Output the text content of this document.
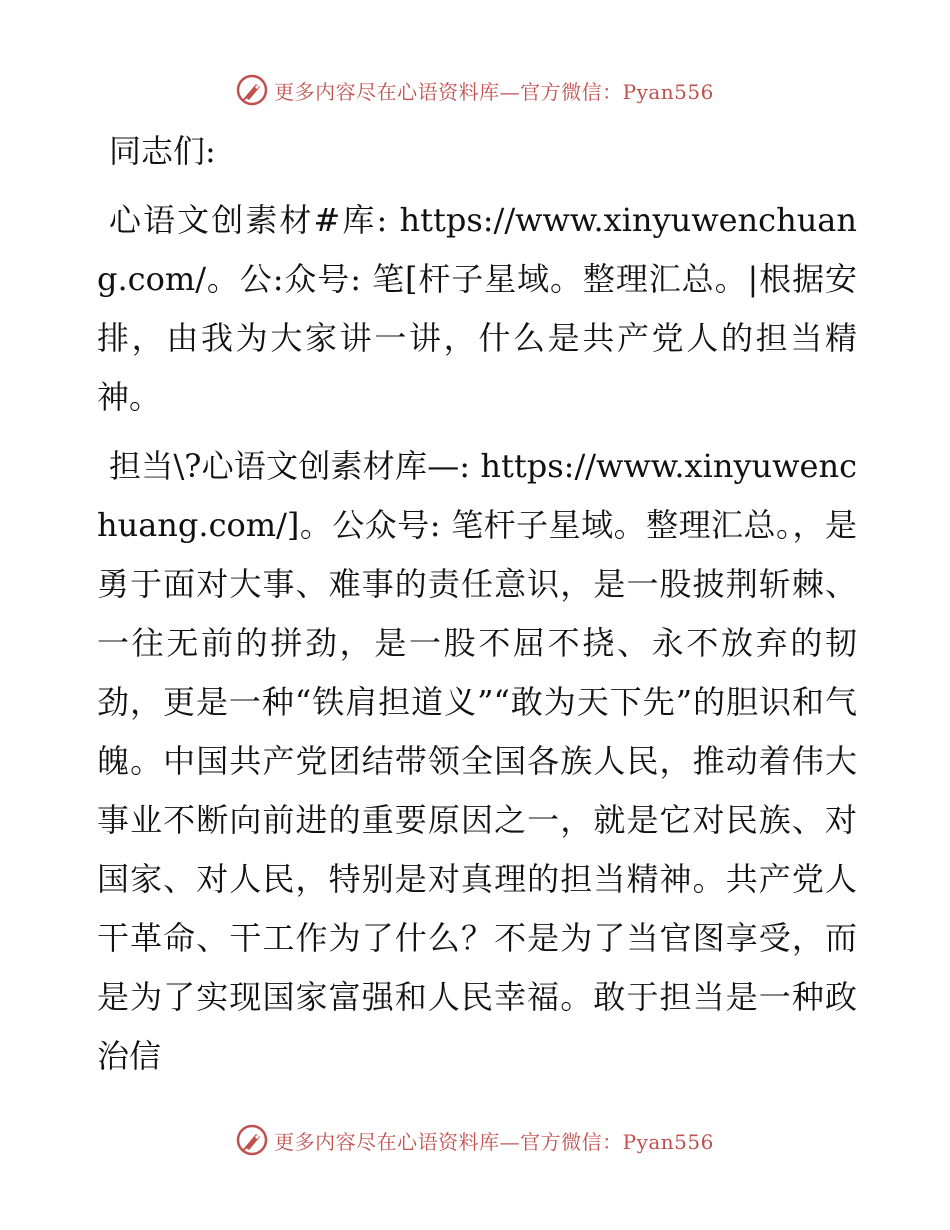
更多内容尽在心语资料库—官方微信：Pyan556

同志们:

心语文创素材#库: https://www.xinyuwenchuang.com/。公:众号: 笔[杆子星域。整理汇总。|根据安排，由我为大家讲一讲，什么是共产党人的担当精神。

担当\?心语文创素材库—: https://www.xinyuwenchuang.com/]。公众号: 笔杆子星域。整理汇总。，是勇于面对大事、难事的责任意识，是一股披荆斩棘、一往无前的拼劲，是一股不屈不挠、永不放弃的韧劲，更是一种“铁肩担道义”“敢为天下先”的胆识和气魄。中国共产党团结带领全国各族人民，推动着伟大事业不断向前进的重要原因之一，就是它对民族、对国家、对人民，特别是对真理的担当精神。共产党人干革命、干工作为了什么？不是为了当官图享受，而是为了实现国家富强和人民幸福。敢于担当是一种政治信

更多内容尽在心语资料库—官方微信：Pyan556
